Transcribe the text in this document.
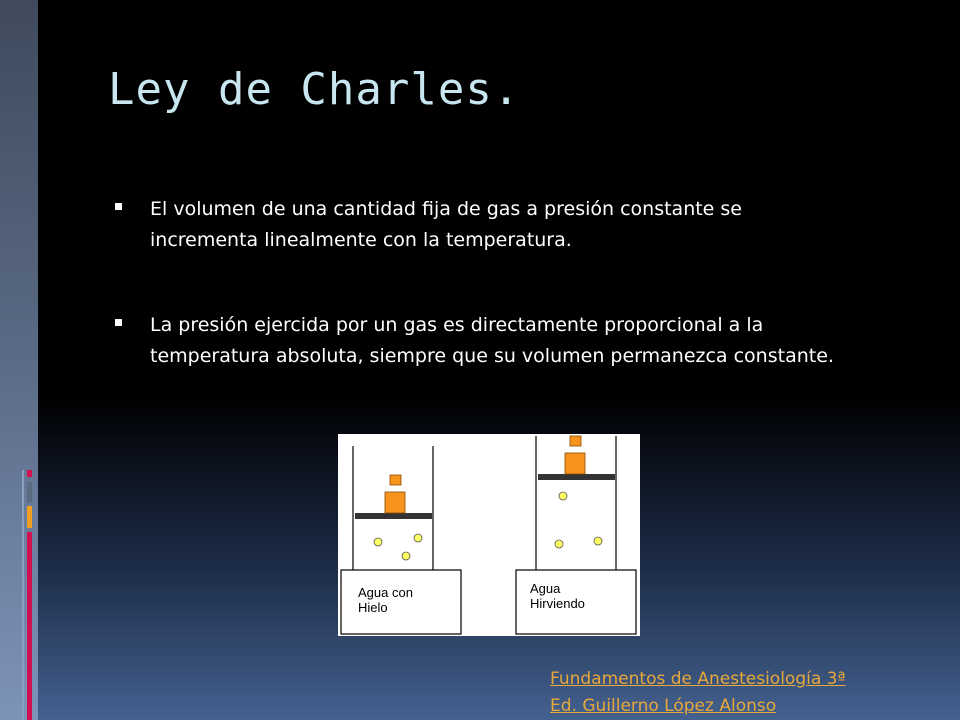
Ley de Charles.
El volumen de una cantidad fija de gas a presión constante se incrementa linealmente con la temperatura.
La presión ejercida por un gas es directamente proporcional a la temperatura absoluta, siempre que su volumen permanezca constante.
Agua con
Hielo
Agua
Hirviendo
Fundamentos de Anestesiología 3ª
Ed. Guillerno López Alonso
